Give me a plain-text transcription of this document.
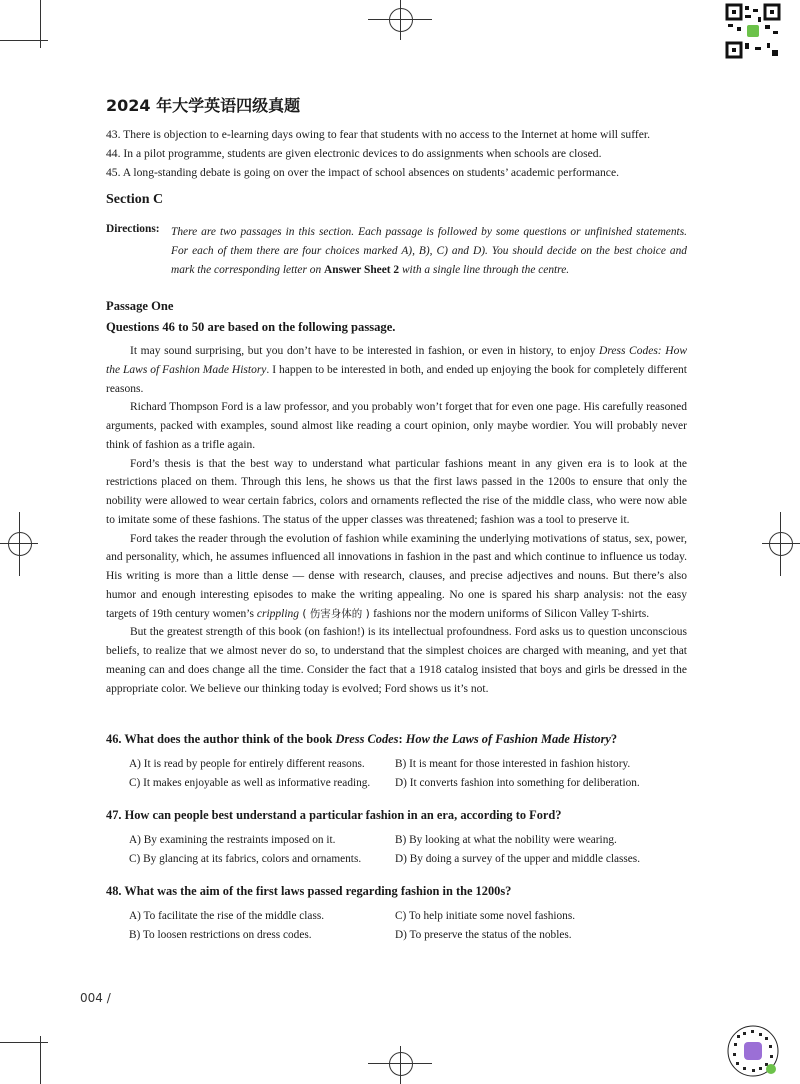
2024 年大学英语四级真题
43. There is objection to e-learning days owing to fear that students with no access to the Internet at home will suffer.
44. In a pilot programme, students are given electronic devices to do assignments when schools are closed.
45. A long-standing debate is going on over the impact of school absences on students’ academic performance.
Section C
Directions: There are two passages in this section. Each passage is followed by some questions or unfinished statements. For each of them there are four choices marked A), B), C) and D). You should decide on the best choice and mark the corresponding letter on Answer Sheet 2 with a single line through the centre.
Passage One
Questions 46 to 50 are based on the following passage.

It may sound surprising, but you don’t have to be interested in fashion, or even in history, to enjoy Dress Codes: How the Laws of Fashion Made History. I happen to be interested in both, and ended up enjoying the book for completely different reasons.

Richard Thompson Ford is a law professor, and you probably won’t forget that for even one page. His carefully reasoned arguments, packed with examples, sound almost like reading a court opinion, only maybe wordier. You will probably never think of fashion as a trifle again.

Ford’s thesis is that the best way to understand what particular fashions meant in any given era is to look at the restrictions placed on them. Through this lens, he shows us that the first laws passed in the 1200s to ensure that only the nobility were allowed to wear certain fabrics, colors and ornaments reflected the rise of the middle class, who were now able to imitate some of these fashions. The status of the upper classes was threatened; fashion was a tool to preserve it.

Ford takes the reader through the evolution of fashion while examining the underlying motivations of status, sex, power, and personality, which, he assumes influenced all innovations in fashion in the past and which continue to influence us today. His writing is more than a little dense — dense with research, clauses, and precise adjectives and nouns. But there’s also humor and enough interesting episodes to make the writing appealing. No one is spared his sharp analysis: not the easy targets of 19th century women’s crippling ( 伤害身体的 ) fashions nor the modern uniforms of Silicon Valley T-shirts.

But the greatest strength of this book (on fashion!) is its intellectual profoundness. Ford asks us to question unconscious beliefs, to realize that we almost never do so, to understand that the simplest choices are charged with meaning, and yet that meaning can and does change all the time. Consider the fact that a 1918 catalog insisted that boys and girls be dressed in the appropriate color. We believe our thinking today is evolved; Ford shows us it’s not.

46. What does the author think of the book Dress Codes: How the Laws of Fashion Made History?
A) It is read by people for entirely different reasons.	B) It is meant for those interested in fashion history.
C) It makes enjoyable as well as informative reading. D) It converts fashion into something for deliberation.
47. How can people best understand a particular fashion in an era, according to Ford?
A) By examining the restraints imposed on it.	B) By looking at what the nobility were wearing.
C) By glancing at its fabrics, colors and ornaments.	D) By doing a survey of the upper and middle classes.
48. What was the aim of the first laws passed regarding fashion in the 1200s?
A) To facilitate the rise of the middle class.	C) To help initiate some novel fashions.
B) To loosen restrictions on dress codes.	D) To preserve the status of the nobles.
004 /
